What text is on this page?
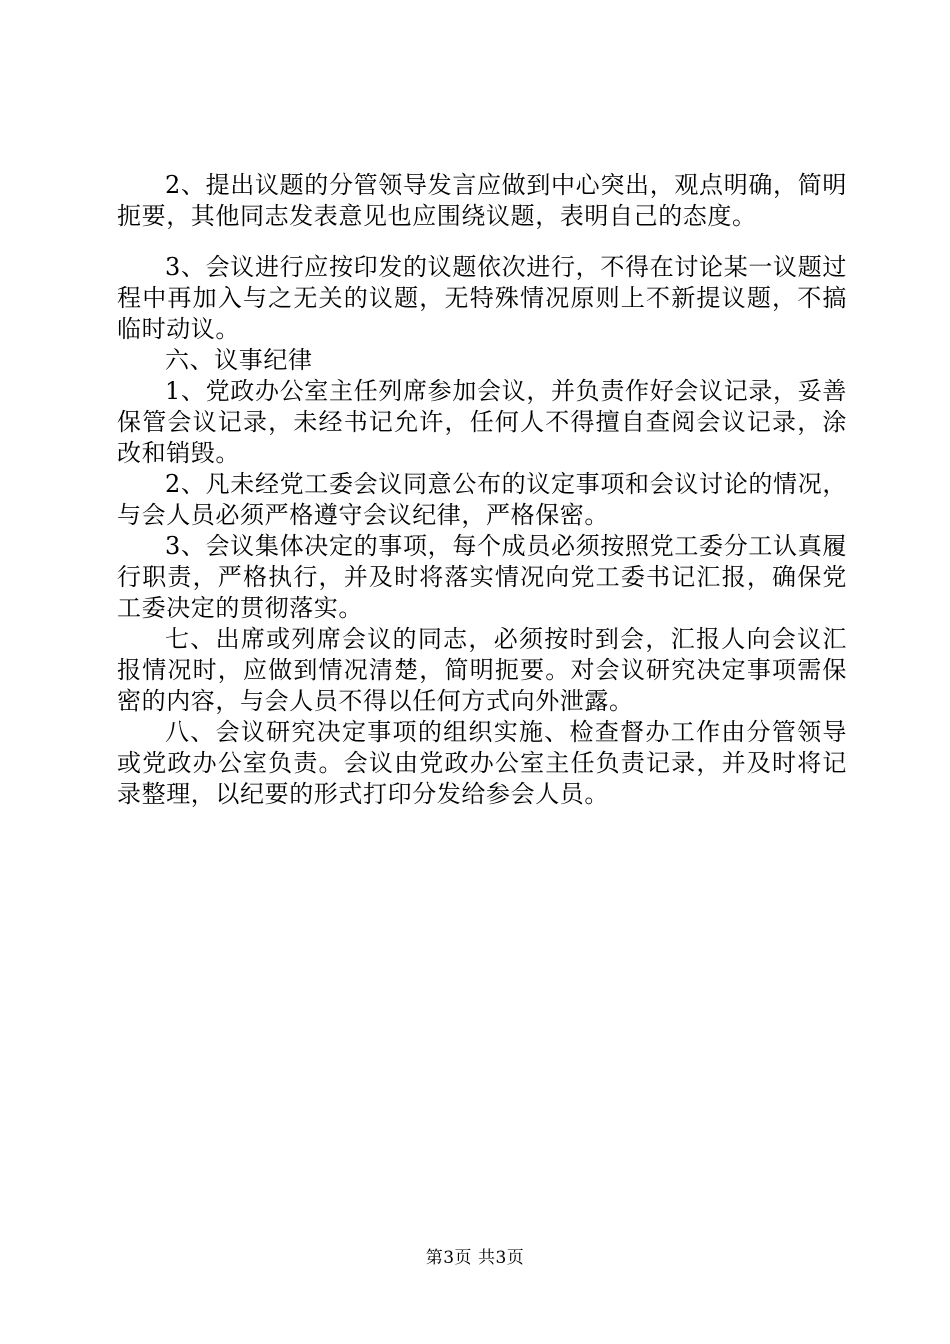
2、提出议题的分管领导发言应做到中心突出，观点明确，简明扼要，其他同志发表意见也应围绕议题，表明自己的态度。

3、会议进行应按印发的议题依次进行，不得在讨论某一议题过程中再加入与之无关的议题，无特殊情况原则上不新提议题，不搞临时动议。

六、议事纪律

1、党政办公室主任列席参加会议，并负责作好会议记录，妥善保管会议记录，未经书记允许，任何人不得擅自查阅会议记录，涂改和销毁。

2、凡未经党工委会议同意公布的议定事项和会议讨论的情况，与会人员必须严格遵守会议纪律，严格保密。

3、会议集体决定的事项，每个成员必须按照党工委分工认真履行职责，严格执行，并及时将落实情况向党工委书记汇报，确保党工委决定的贯彻落实。

七、出席或列席会议的同志，必须按时到会，汇报人向会议汇报情况时，应做到情况清楚，简明扼要。对会议研究决定事项需保密的内容，与会人员不得以任何方式向外泄露。

八、会议研究决定事项的组织实施、检查督办工作由分管领导或党政办公室负责。会议由党政办公室主任负责记录，并及时将记录整理，以纪要的形式打印分发给参会人员。

第3页 共3页
